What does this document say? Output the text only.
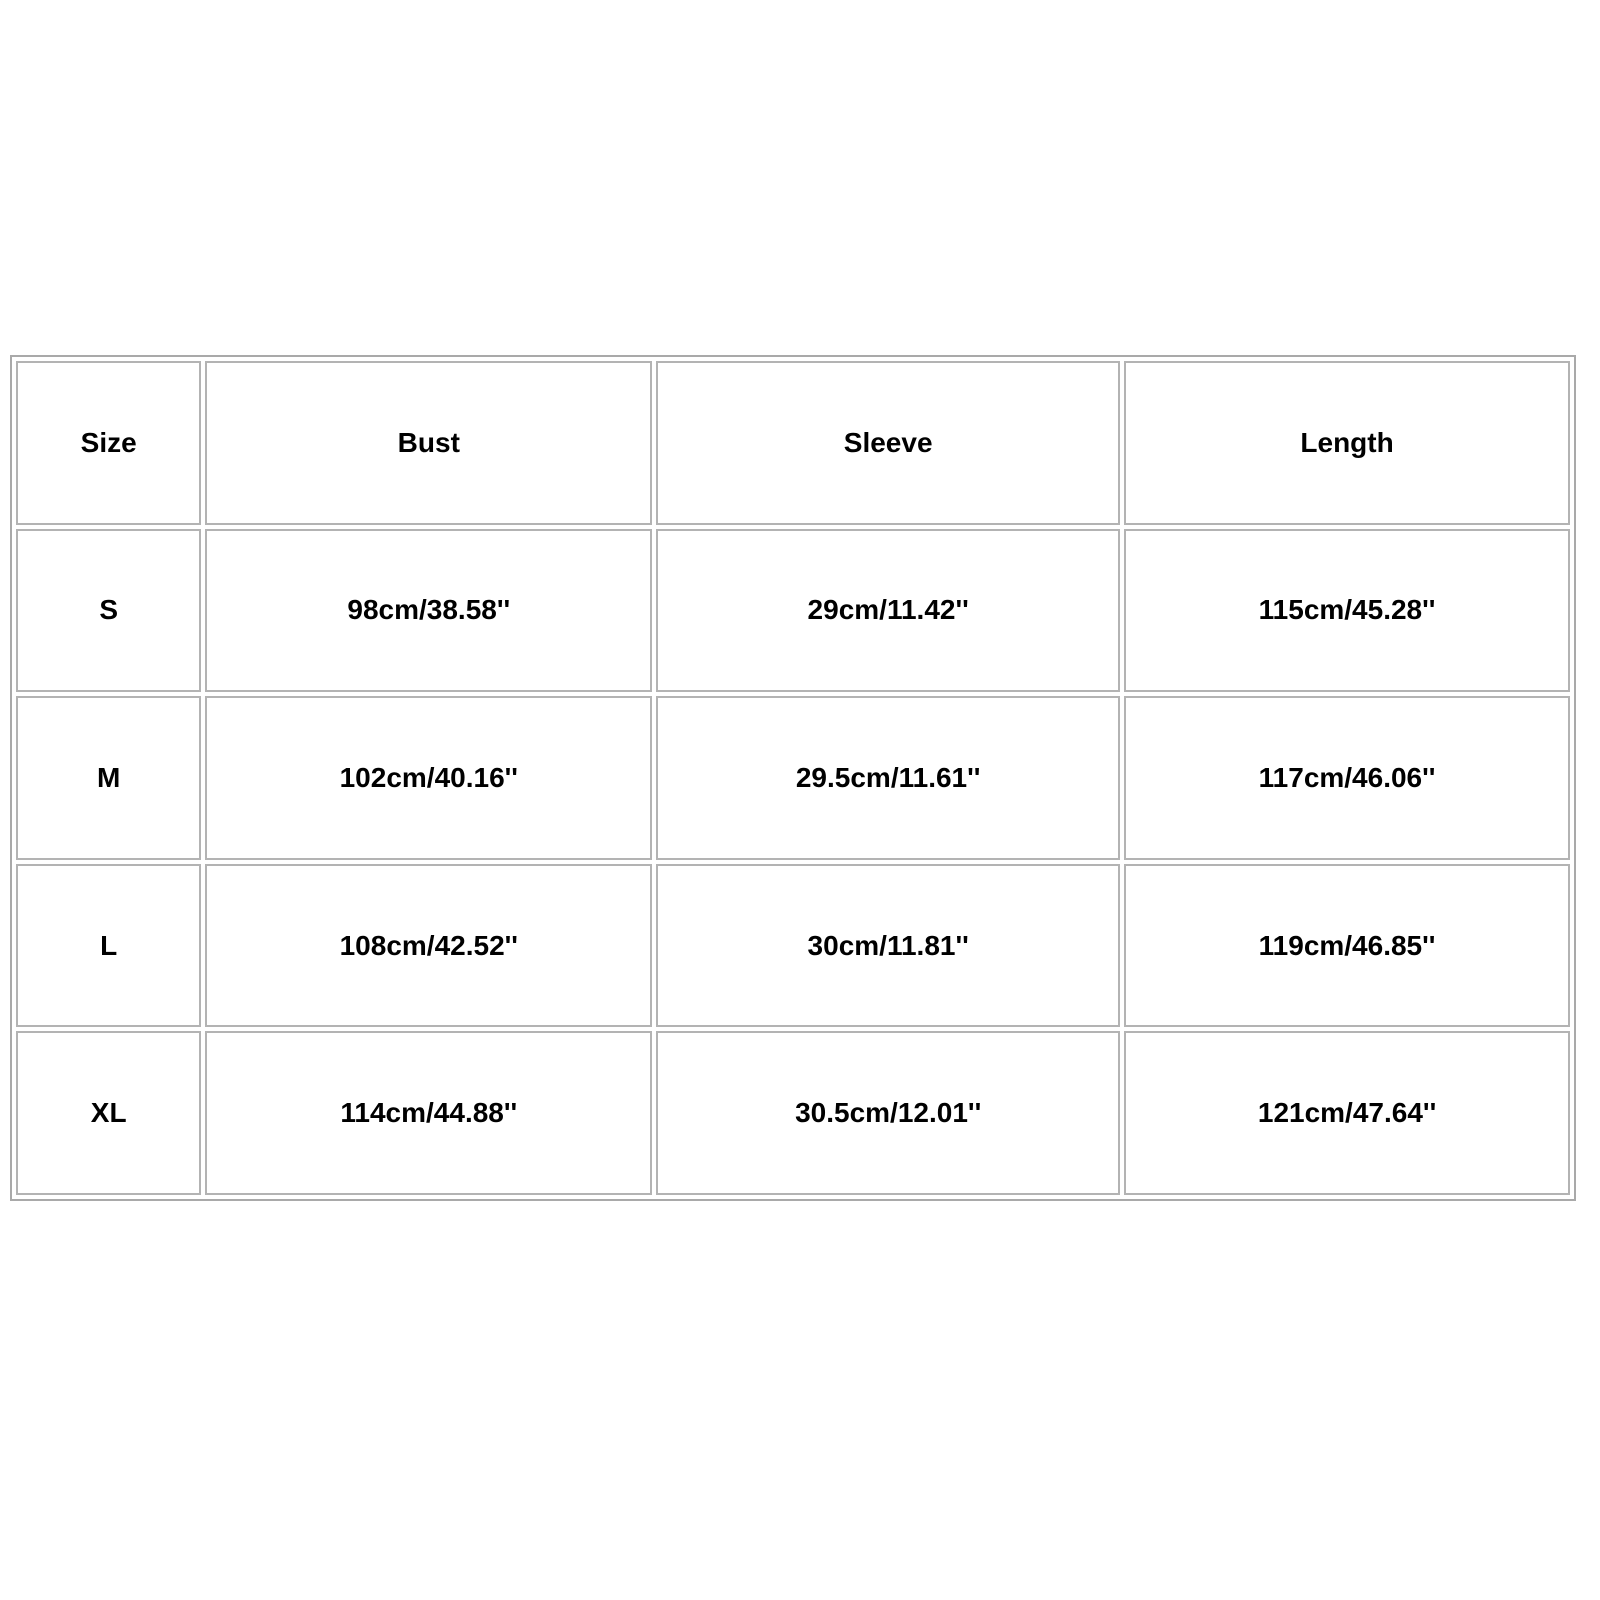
Size	Bust	Sleeve	Length
S	98cm/38.58''	29cm/11.42''	115cm/45.28''
M	102cm/40.16''	29.5cm/11.61''	117cm/46.06''
L	108cm/42.52''	30cm/11.81''	119cm/46.85''
XL	114cm/44.88''	30.5cm/12.01''	121cm/47.64''
